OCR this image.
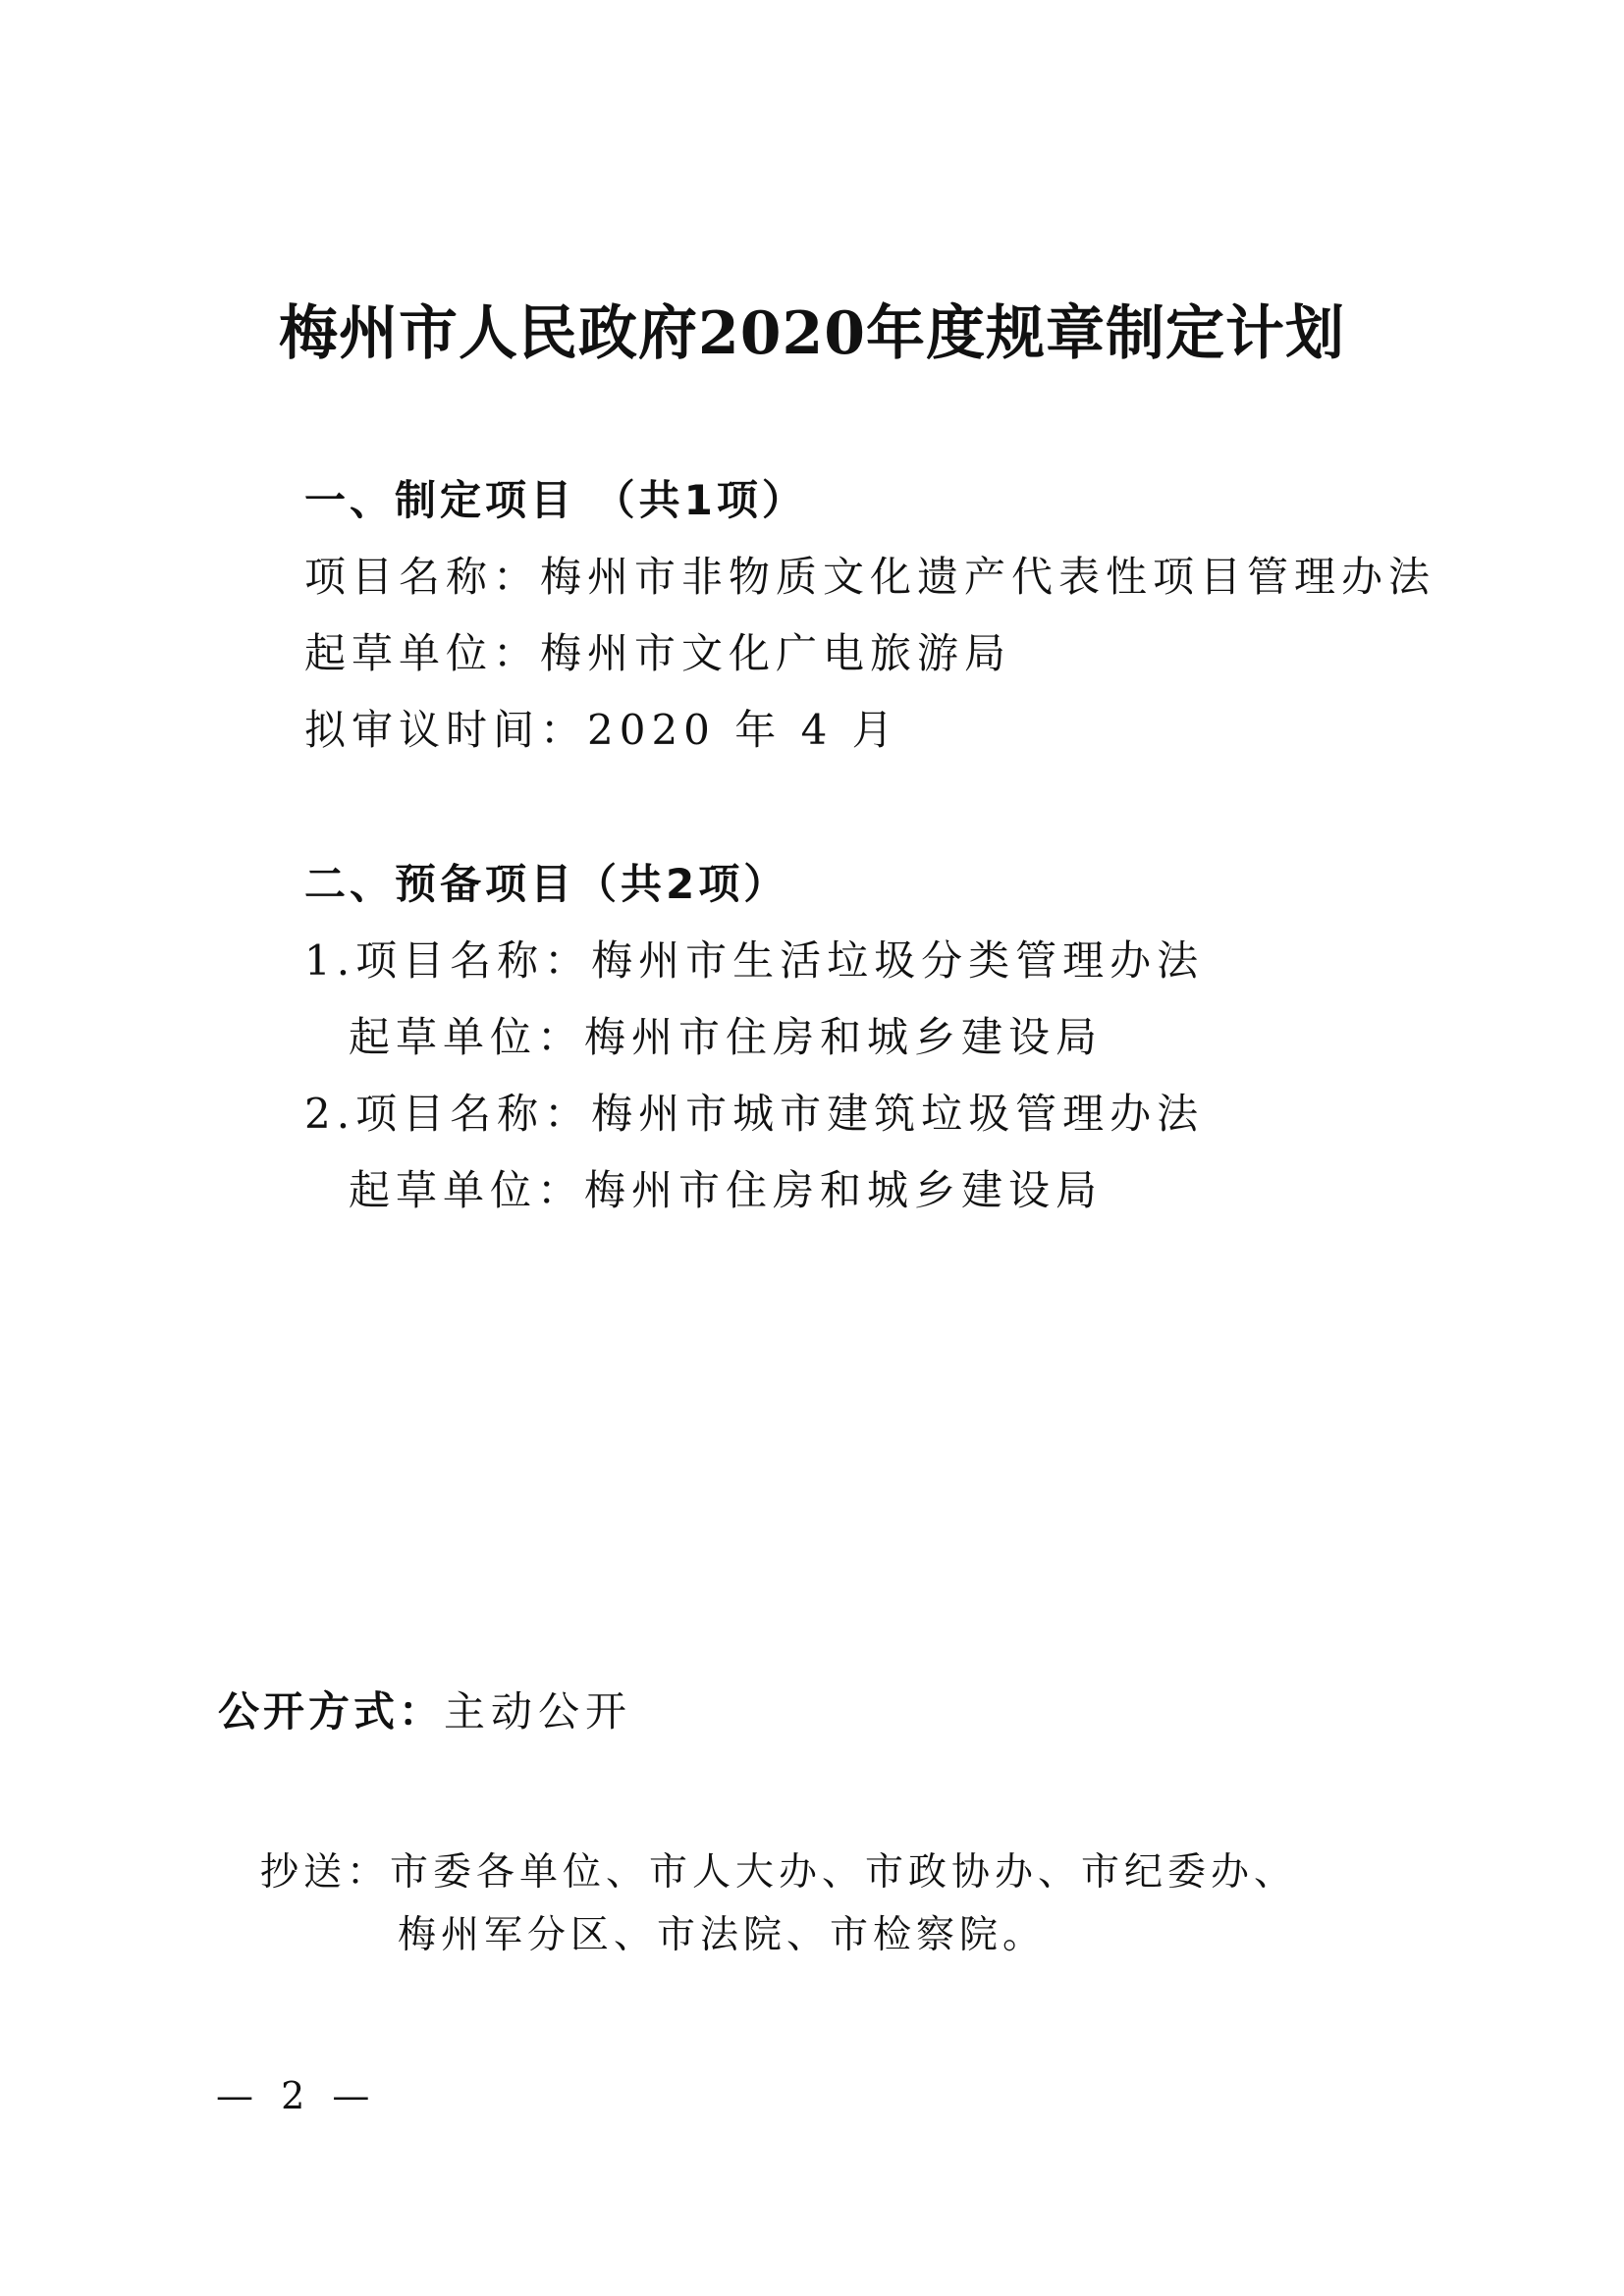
梅州市人民政府2020年度规章制定计划
一、制定项目 （共1项）
项目名称：梅州市非物质文化遗产代表性项目管理办法
起草单位：梅州市文化广电旅游局
拟审议时间：2020 年 4 月
二、预备项目（共2项）
1.项目名称：梅州市生活垃圾分类管理办法
起草单位：梅州市住房和城乡建设局
2.项目名称：梅州市城市建筑垃圾管理办法
起草单位：梅州市住房和城乡建设局
公开方式：主动公开
抄送：市委各单位、市人大办、市政协办、市纪委办、
梅州军分区、市法院、市检察院。
— 2 —
